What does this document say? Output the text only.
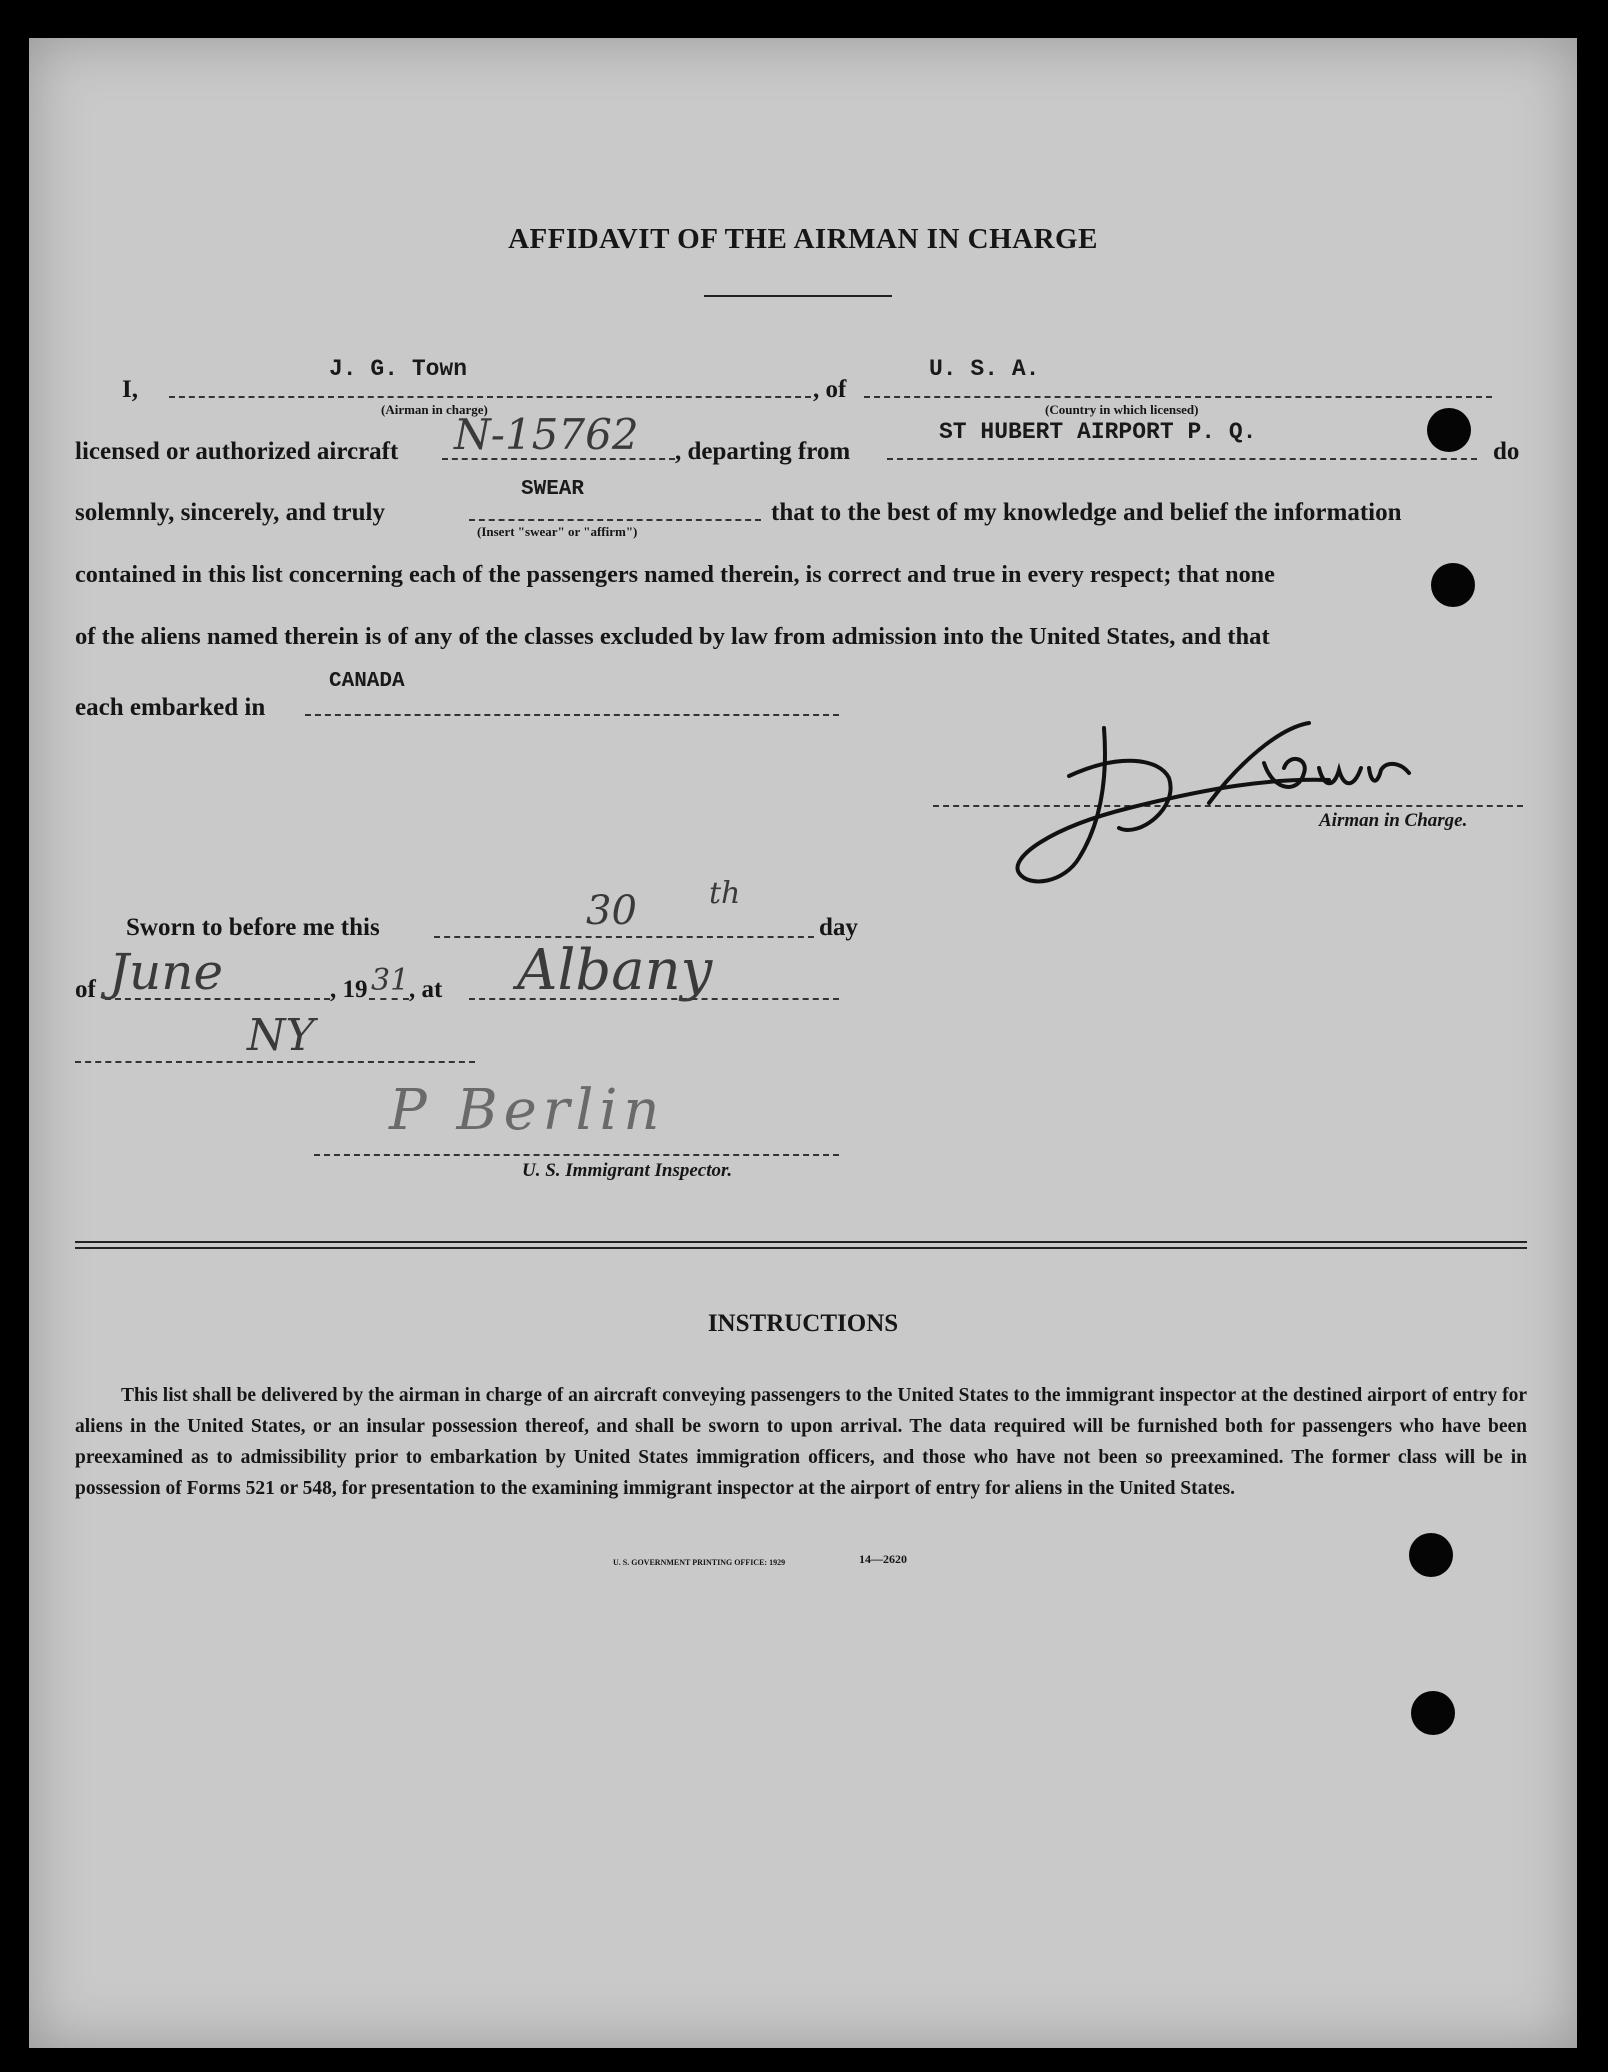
AFFIDAVIT OF THE AIRMAN IN CHARGE
I,
J. G. Town
(Airman in charge)
, of
U. S. A.
(Country in which licensed)
licensed or authorized aircraft N-15762 , departing from
ST HUBERT AIRPORT P. Q.
do
solemnly, sincerely, and truly
SWEAR
(Insert "swear" or "affirm")
that to the best of my knowledge and belief the information
contained in this list concerning each of the passengers named therein, is correct and true in every respect; that none
of the aliens named therein is of any of the classes excluded by law from admission into the United States, and that
each embarked in
CANADA
Airman in Charge.
Sworn to before me this	30 th
day
of June	, 19 31 , at Albany
NY
P Berlin
U. S. Immigrant Inspector.
INSTRUCTIONS
This list shall be delivered by the airman in charge of an aircraft conveying passengers to the United States to the immigrant inspector at the destined airport of entry for aliens in the United States, or an insular possession thereof, and shall be sworn to upon arrival. The data required will be furnished both for passengers who have been preexamined as to admissibility prior to embarkation by United States immigration officers, and those who have not been so preexamined. The former class will be in possession of Forms 521 or 548, for presentation to the examining immigrant inspector at the airport of entry for aliens in the United States.
U. S. GOVERNMENT PRINTING OFFICE: 1929	14—2620
